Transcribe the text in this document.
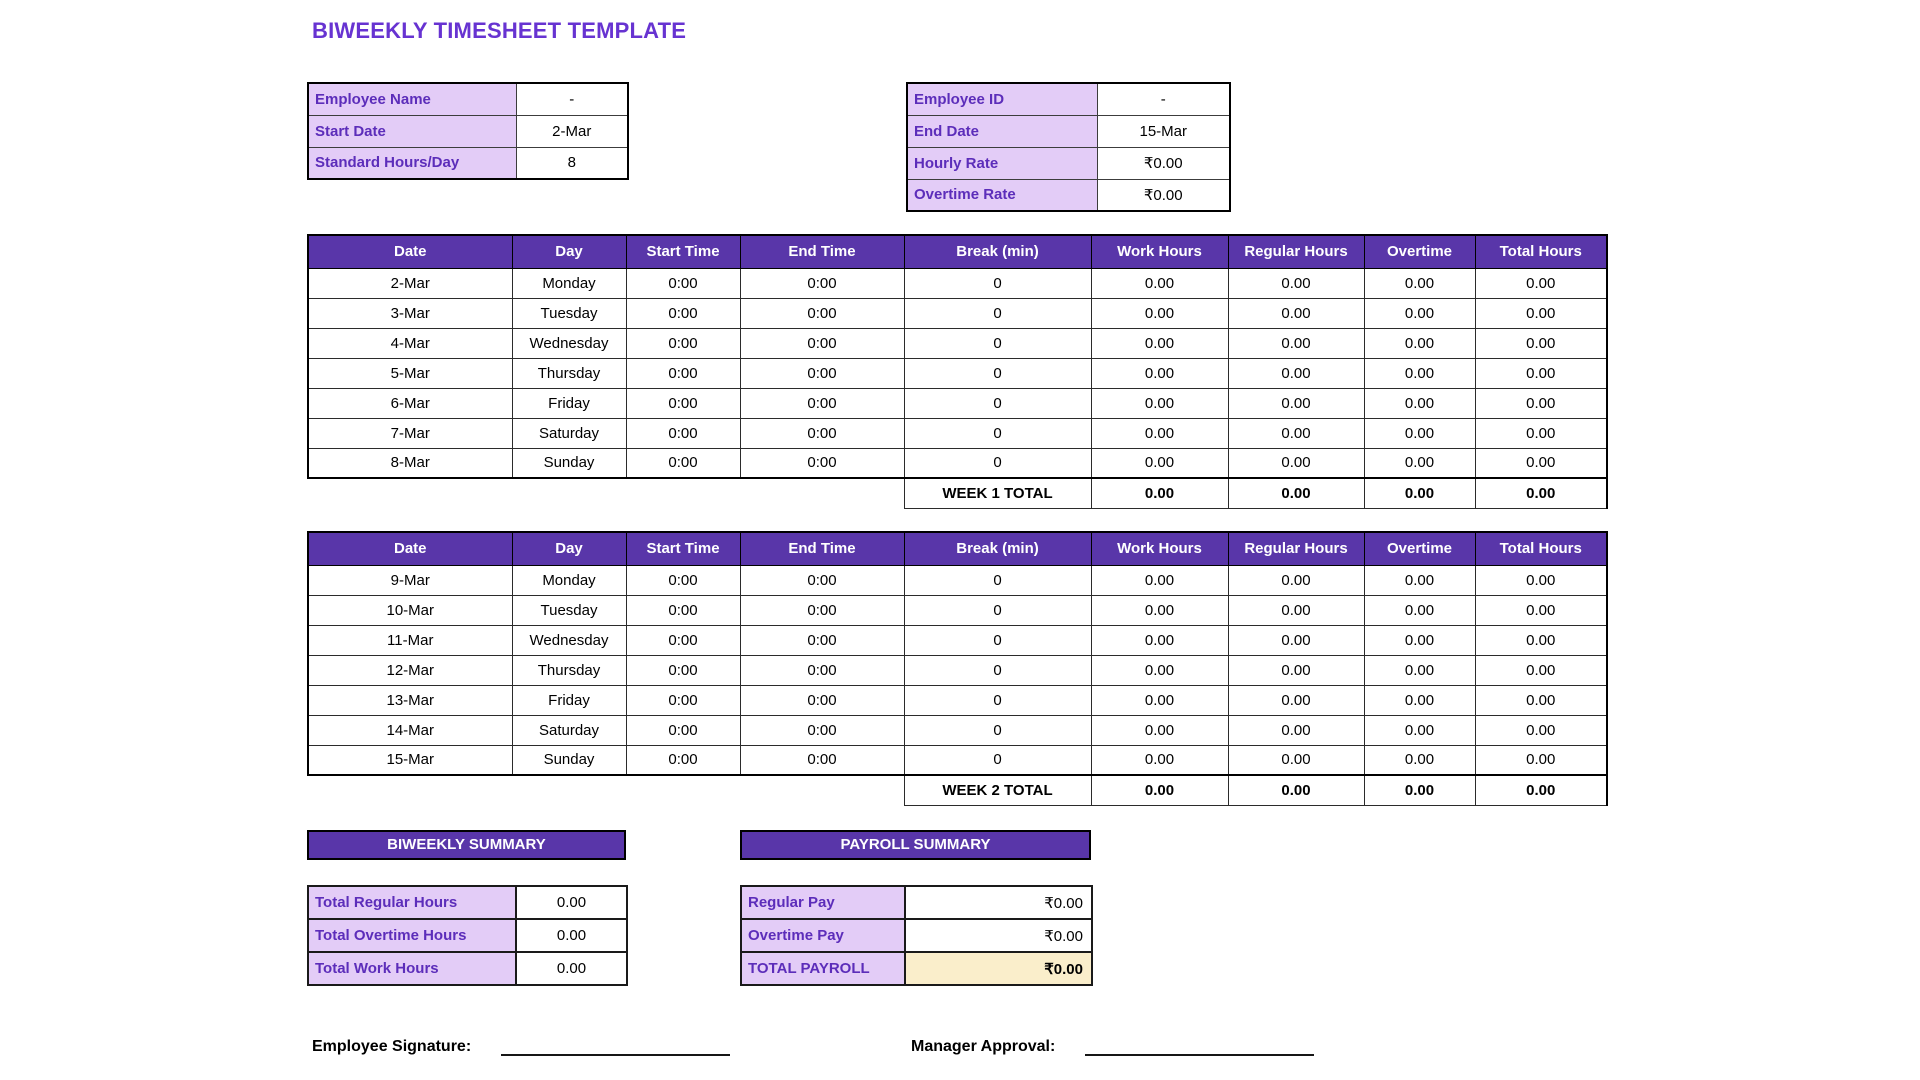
BIWEEKLY TIMESHEET TEMPLATE
Employee Name	-
Start Date	2-Mar
Standard Hours/Day	8
Employee ID	-
End Date	15-Mar
Hourly Rate	₹0.00
Overtime Rate	₹0.00
Date	Day	Start Time	End Time	Break (min)	Work Hours	Regular Hours	Overtime	Total Hours
2-Mar	Monday	0:00	0:00	0	0.00	0.00	0.00	0.00
3-Mar	Tuesday	0:00	0:00	0	0.00	0.00	0.00	0.00
4-Mar	Wednesday	0:00	0:00	0	0.00	0.00	0.00	0.00
5-Mar	Thursday	0:00	0:00	0	0.00	0.00	0.00	0.00
6-Mar	Friday	0:00	0:00	0	0.00	0.00	0.00	0.00
7-Mar	Saturday	0:00	0:00	0	0.00	0.00	0.00	0.00
8-Mar	Sunday	0:00	0:00	0	0.00	0.00	0.00	0.00
				WEEK 1 TOTAL	0.00	0.00	0.00	0.00
Date	Day	Start Time	End Time	Break (min)	Work Hours	Regular Hours	Overtime	Total Hours
9-Mar	Monday	0:00	0:00	0	0.00	0.00	0.00	0.00
10-Mar	Tuesday	0:00	0:00	0	0.00	0.00	0.00	0.00
11-Mar	Wednesday	0:00	0:00	0	0.00	0.00	0.00	0.00
12-Mar	Thursday	0:00	0:00	0	0.00	0.00	0.00	0.00
13-Mar	Friday	0:00	0:00	0	0.00	0.00	0.00	0.00
14-Mar	Saturday	0:00	0:00	0	0.00	0.00	0.00	0.00
15-Mar	Sunday	0:00	0:00	0	0.00	0.00	0.00	0.00
				WEEK 2 TOTAL	0.00	0.00	0.00	0.00
BIWEEKLY SUMMARY	PAYROLL SUMMARY
Total Regular Hours	0.00
Total Overtime Hours	0.00
Total Work Hours	0.00
Regular Pay	₹0.00
Overtime Pay	₹0.00
TOTAL PAYROLL	₹0.00
Employee Signature:	Manager Approval:
